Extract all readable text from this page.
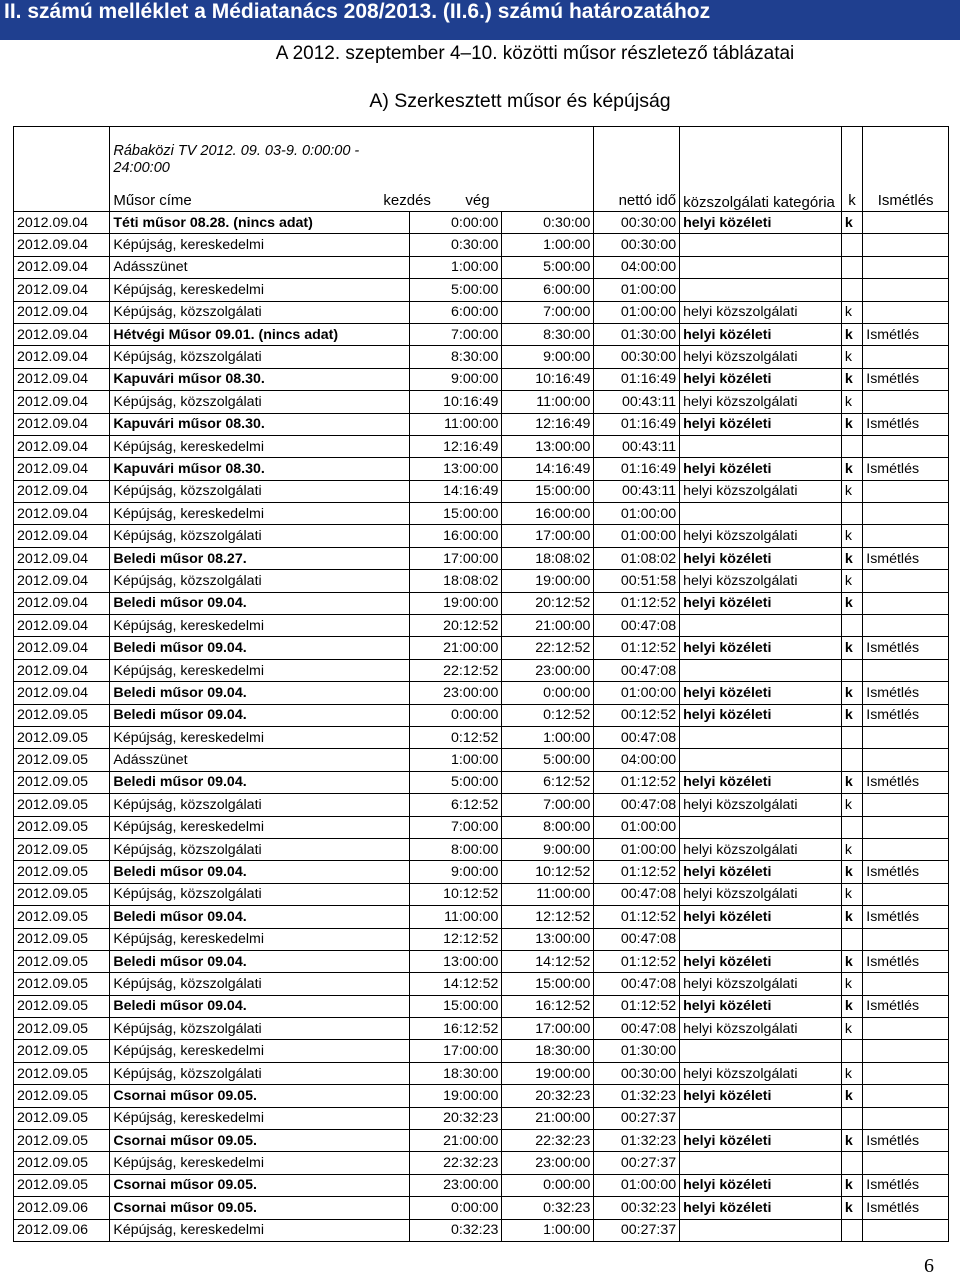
II. számú melléklet a Médiatanács 208/2013. (II.6.) számú határozatához
A 2012. szeptember 4–10. közötti műsor részletező táblázatai
A) Szerkesztett műsor és képújság

	Rábaközi TV 2012. 09. 03-9. 0:00:00 - 24:00:00
Műsor címe kezdés vég			nettó idő	közszolgálati kategória	k	Ismétlés
2012.09.04	Téti műsor 08.28. (nincs adat)	0:00:00	0:30:00	00:30:00	helyi közéleti	k	
2012.09.04	Képújság, kereskedelmi	0:30:00	1:00:00	00:30:00			
2012.09.04	Adásszünet	1:00:00	5:00:00	04:00:00			
2012.09.04	Képújság, kereskedelmi	5:00:00	6:00:00	01:00:00			
2012.09.04	Képújság, közszolgálati	6:00:00	7:00:00	01:00:00	helyi közszolgálati	k	
2012.09.04	Hétvégi Műsor 09.01. (nincs adat)	7:00:00	8:30:00	01:30:00	helyi közéleti	k	Ismétlés
2012.09.04	Képújság, közszolgálati	8:30:00	9:00:00	00:30:00	helyi közszolgálati	k	
2012.09.04	Kapuvári műsor 08.30.	9:00:00	10:16:49	01:16:49	helyi közéleti	k	Ismétlés
2012.09.04	Képújság, közszolgálati	10:16:49	11:00:00	00:43:11	helyi közszolgálati	k	
2012.09.04	Kapuvári műsor 08.30.	11:00:00	12:16:49	01:16:49	helyi közéleti	k	Ismétlés
2012.09.04	Képújság, kereskedelmi	12:16:49	13:00:00	00:43:11			
2012.09.04	Kapuvári műsor 08.30.	13:00:00	14:16:49	01:16:49	helyi közéleti	k	Ismétlés
2012.09.04	Képújság, közszolgálati	14:16:49	15:00:00	00:43:11	helyi közszolgálati	k	
2012.09.04	Képújság, kereskedelmi	15:00:00	16:00:00	01:00:00			
2012.09.04	Képújság, közszolgálati	16:00:00	17:00:00	01:00:00	helyi közszolgálati	k	
2012.09.04	Beledi műsor 08.27.	17:00:00	18:08:02	01:08:02	helyi közéleti	k	Ismétlés
2012.09.04	Képújság, közszolgálati	18:08:02	19:00:00	00:51:58	helyi közszolgálati	k	
2012.09.04	Beledi műsor 09.04.	19:00:00	20:12:52	01:12:52	helyi közéleti	k	
2012.09.04	Képújság, kereskedelmi	20:12:52	21:00:00	00:47:08			
2012.09.04	Beledi műsor 09.04.	21:00:00	22:12:52	01:12:52	helyi közéleti	k	Ismétlés
2012.09.04	Képújság, kereskedelmi	22:12:52	23:00:00	00:47:08			
2012.09.04	Beledi műsor 09.04.	23:00:00	0:00:00	01:00:00	helyi közéleti	k	Ismétlés
2012.09.05	Beledi műsor 09.04.	0:00:00	0:12:52	00:12:52	helyi közéleti	k	Ismétlés
2012.09.05	Képújság, kereskedelmi	0:12:52	1:00:00	00:47:08			
2012.09.05	Adásszünet	1:00:00	5:00:00	04:00:00			
2012.09.05	Beledi műsor 09.04.	5:00:00	6:12:52	01:12:52	helyi közéleti	k	Ismétlés
2012.09.05	Képújság, közszolgálati	6:12:52	7:00:00	00:47:08	helyi közszolgálati	k	
2012.09.05	Képújság, kereskedelmi	7:00:00	8:00:00	01:00:00			
2012.09.05	Képújság, közszolgálati	8:00:00	9:00:00	01:00:00	helyi közszolgálati	k	
2012.09.05	Beledi műsor 09.04.	9:00:00	10:12:52	01:12:52	helyi közéleti	k	Ismétlés
2012.09.05	Képújság, közszolgálati	10:12:52	11:00:00	00:47:08	helyi közszolgálati	k	
2012.09.05	Beledi műsor 09.04.	11:00:00	12:12:52	01:12:52	helyi közéleti	k	Ismétlés
2012.09.05	Képújság, kereskedelmi	12:12:52	13:00:00	00:47:08			
2012.09.05	Beledi műsor 09.04.	13:00:00	14:12:52	01:12:52	helyi közéleti	k	Ismétlés
2012.09.05	Képújság, közszolgálati	14:12:52	15:00:00	00:47:08	helyi közszolgálati	k	
2012.09.05	Beledi műsor 09.04.	15:00:00	16:12:52	01:12:52	helyi közéleti	k	Ismétlés
2012.09.05	Képújság, közszolgálati	16:12:52	17:00:00	00:47:08	helyi közszolgálati	k	
2012.09.05	Képújság, kereskedelmi	17:00:00	18:30:00	01:30:00			
2012.09.05	Képújság, közszolgálati	18:30:00	19:00:00	00:30:00	helyi közszolgálati	k	
2012.09.05	Csornai műsor 09.05.	19:00:00	20:32:23	01:32:23	helyi közéleti	k	
2012.09.05	Képújság, kereskedelmi	20:32:23	21:00:00	00:27:37			
2012.09.05	Csornai műsor 09.05.	21:00:00	22:32:23	01:32:23	helyi közéleti	k	Ismétlés
2012.09.05	Képújság, kereskedelmi	22:32:23	23:00:00	00:27:37			
2012.09.05	Csornai műsor 09.05.	23:00:00	0:00:00	01:00:00	helyi közéleti	k	Ismétlés
2012.09.06	Csornai műsor 09.05.	0:00:00	0:32:23	00:32:23	helyi közéleti	k	Ismétlés
2012.09.06	Képújság, kereskedelmi	0:32:23	1:00:00	00:27:37			
6
